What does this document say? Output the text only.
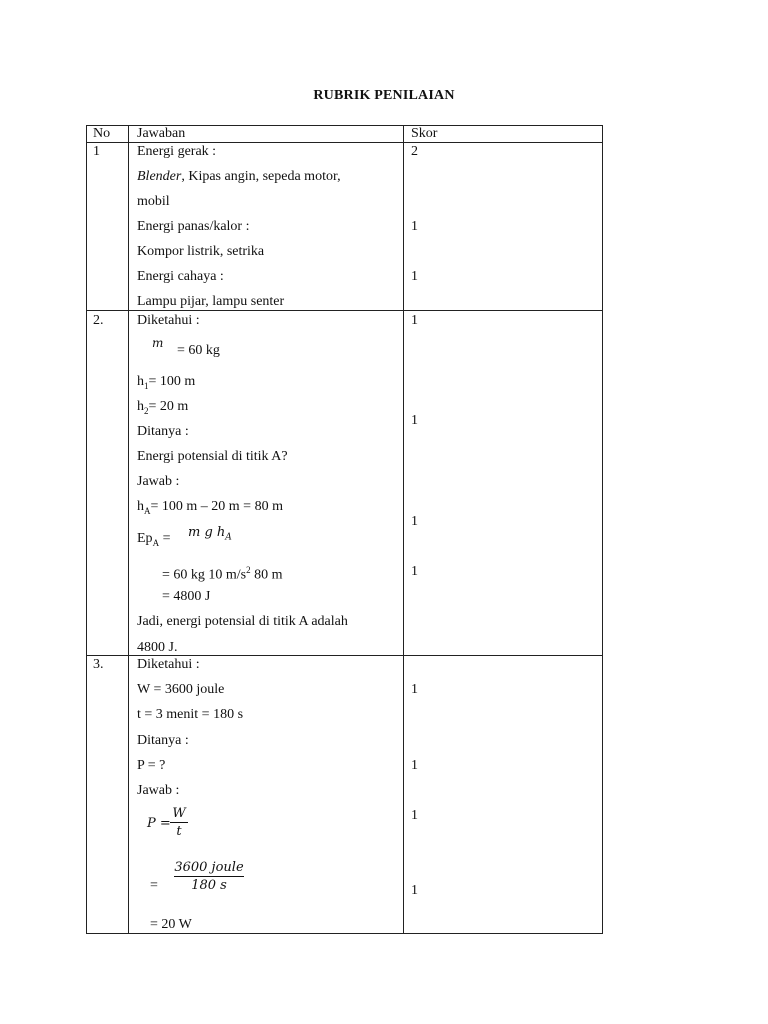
RUBRIK PENILAIAN
No Jawaban	Skor
1	Energi gerak :
Blender, Kipas angin, sepeda motor,
mobil
Energi panas/kalor :
Kompor listrik, setrika
Energi cahaya :
Lampu pijar, lampu senter
2
1
1
2. Diketahui :
m = 60 kg
$h_1= 100$ m
$h_2= 20$ m
Ditanya :
Energi potensial di titik A?
Jawab :
$h_A= 100$ m – 20 m = 80 m
$Ep_A = m$ g $h_A$
= 60 kg 10 $m/s^2$ 80 m
= 4800 J
Jadi, energi potensial di titik A adalah
4800 J.
1
1
1
1
3. Diketahui :
W = 3600 joule
t = 3 menit = 180 s
Ditanya :
P = ?
Jawab :
P =
W
t
=
3600 joule
180 s
= 20 W
1
1
1
1
